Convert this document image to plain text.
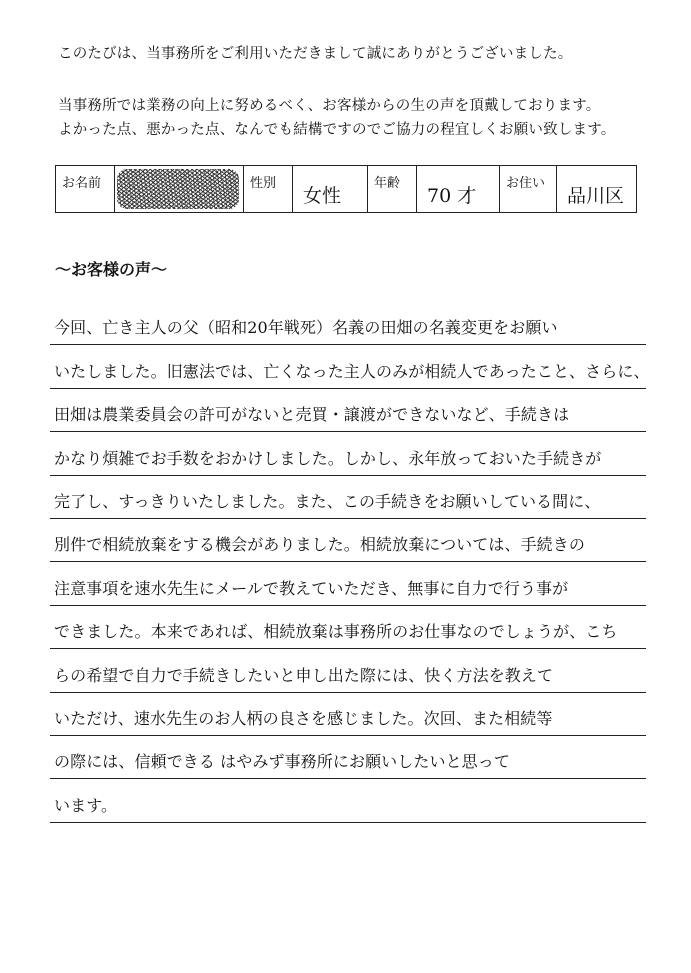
このたびは、当事務所をご利用いただきまして誠にありがとうございました。
当事務所では業務の向上に努めるべく、お客様からの生の声を頂戴しております。
よかった点、悪かった点、なんでも結構ですのでご協力の程宜しくお願い致します。
お名前		性別	女性	年齢	70 才	お住い	品川区
～お客様の声～
今回、亡き主人の父（昭和20年戦死）名義の田畑の名義変更をお願い
いたしました。旧憲法では、亡くなった主人のみが相続人であったこと、さらに、
田畑は農業委員会の許可がないと売買・譲渡ができないなど、手続きは
かなり煩雑でお手数をおかけしました。しかし、永年放っておいた手続きが
完了し、すっきりいたしました。また、この手続きをお願いしている間に、
別件で相続放棄をする機会がありました。相続放棄については、手続きの
注意事項を速水先生にメールで教えていただき、無事に自力で行う事が
できました。本来であれば、相続放棄は事務所のお仕事なのでしょうが、こち
らの希望で自力で手続きしたいと申し出た際には、快く方法を教えて
いただけ、速水先生のお人柄の良さを感じました。次回、また相続等
の際には、信頼できる はやみず事務所にお願いしたいと思って
います。
